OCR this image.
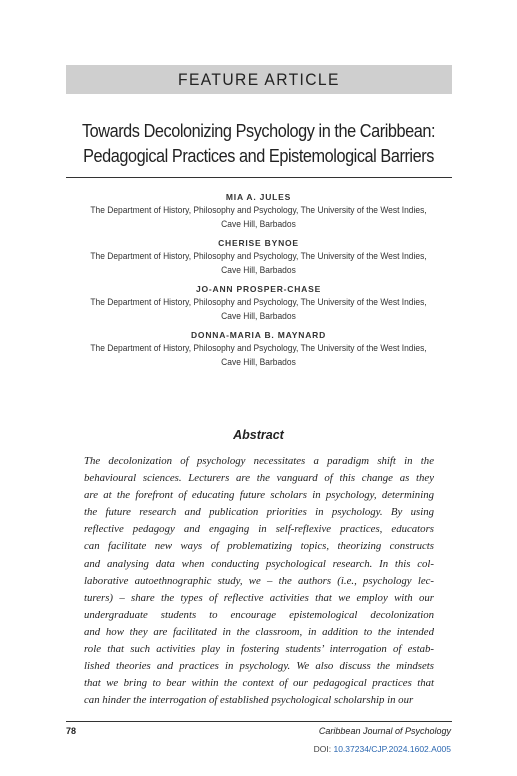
FEATURE ARTICLE
Towards Decolonizing Psychology in the Caribbean:
Pedagogical Practices and Epistemological Barriers
MIA A. JULES
The Department of History, Philosophy and Psychology, The University of the West Indies,
Cave Hill, Barbados
CHERISE BYNOE
The Department of History, Philosophy and Psychology, The University of the West Indies,
Cave Hill, Barbados
JO-ANN PROSPER-CHASE
The Department of History, Philosophy and Psychology, The University of the West Indies,
Cave Hill, Barbados
DONNA-MARIA B. MAYNARD
The Department of History, Philosophy and Psychology, The University of the West Indies,
Cave Hill, Barbados
Abstract
The decolonization of psychology necessitates a paradigm shift in the
behavioural sciences. Lecturers are the vanguard of this change as they
are at the forefront of educating future scholars in psychology, determining
the future research and publication priorities in psychology. By using
reflective pedagogy and engaging in self-reflexive practices, educators
can facilitate new ways of problematizing topics, theorizing constructs
and analysing data when conducting psychological research. In this col-
laborative autoethnographic study, we – the authors (i.e., psychology lec-
turers) – share the types of reflective activities that we employ with our
undergraduate students to encourage epistemological decolonization
and how they are facilitated in the classroom, in addition to the intended
role that such activities play in fostering students’ interrogation of estab-
lished theories and practices in psychology. We also discuss the mindsets
that we bring to bear within the context of our pedagogical practices that
can hinder the interrogation of established psychological scholarship in our
78	Caribbean Journal of Psychology
DOI: 10.37234/CJP.2024.1602.A005
